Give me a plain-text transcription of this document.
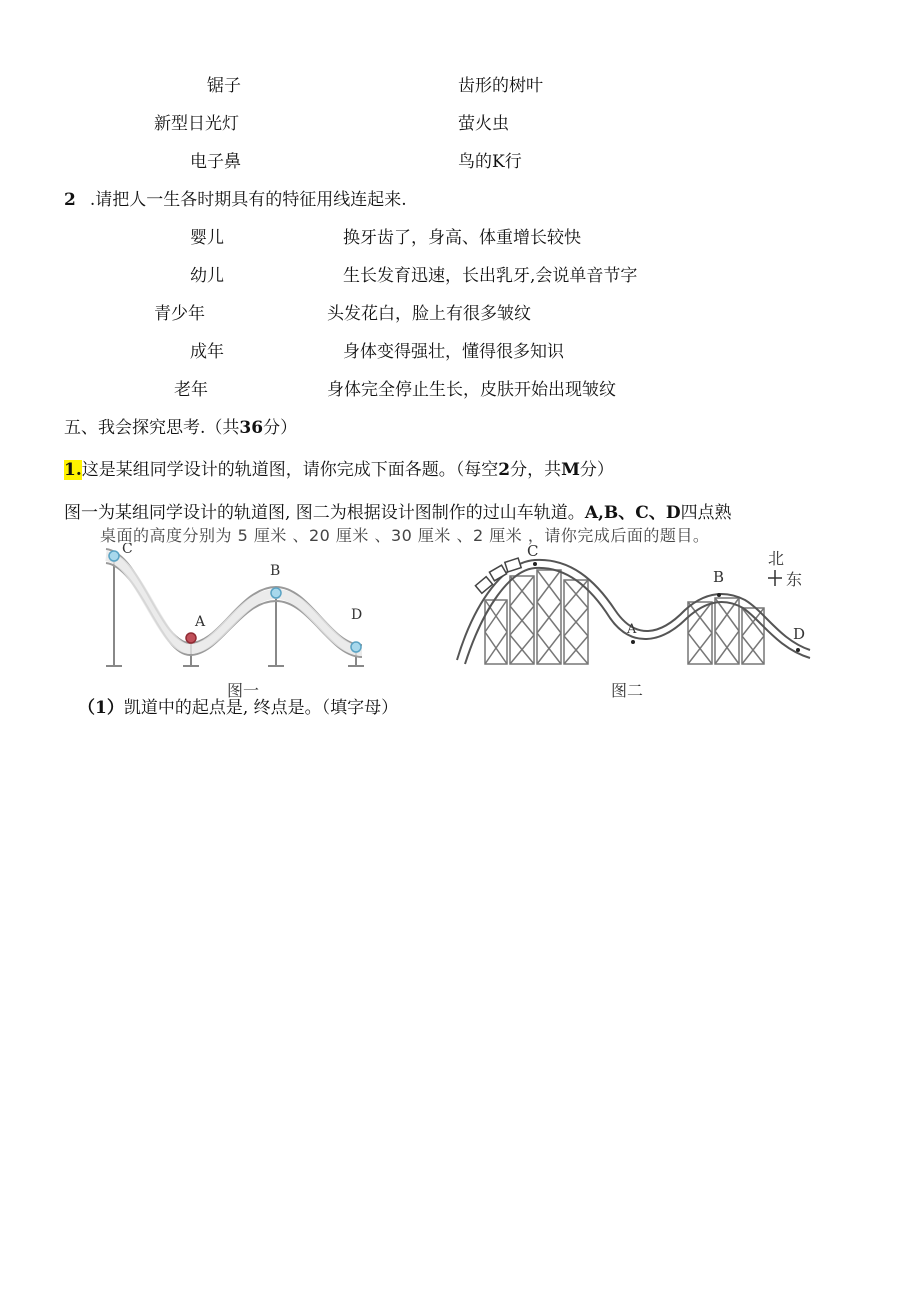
锯子	齿形的树叶
新型日光灯	萤火虫
电子鼻	鸟的K行
2 .请把人一生各时期具有的特征用线连起来.
婴儿	换牙齿了，身高、体重增长较快
幼儿	生长发育迅速，长出乳牙,会说单音节字
青少年	头发花白，脸上有很多皱纹
成年	身体变得强壮，懂得很多知识
老年	身体完全停止生长，皮肤开始出现皱纹
五、我会探究思考.（共36分）
1.这是某组同学设计的轨道图，请你完成下面各题。（每空2分，共M分）
图一为某组同学设计的轨道图, 图二为根据设计图制作的过山车轨道。A,B、C、D四点熟
桌面的高度分别为 5 厘米 、20 厘米 、30 厘米 、2 厘米 ，请你完成后面的题目。
C
A
B
D
图一
C
A
B
D
北
东
图二
（1）凯道中的起点是, 终点是。（填字母）
